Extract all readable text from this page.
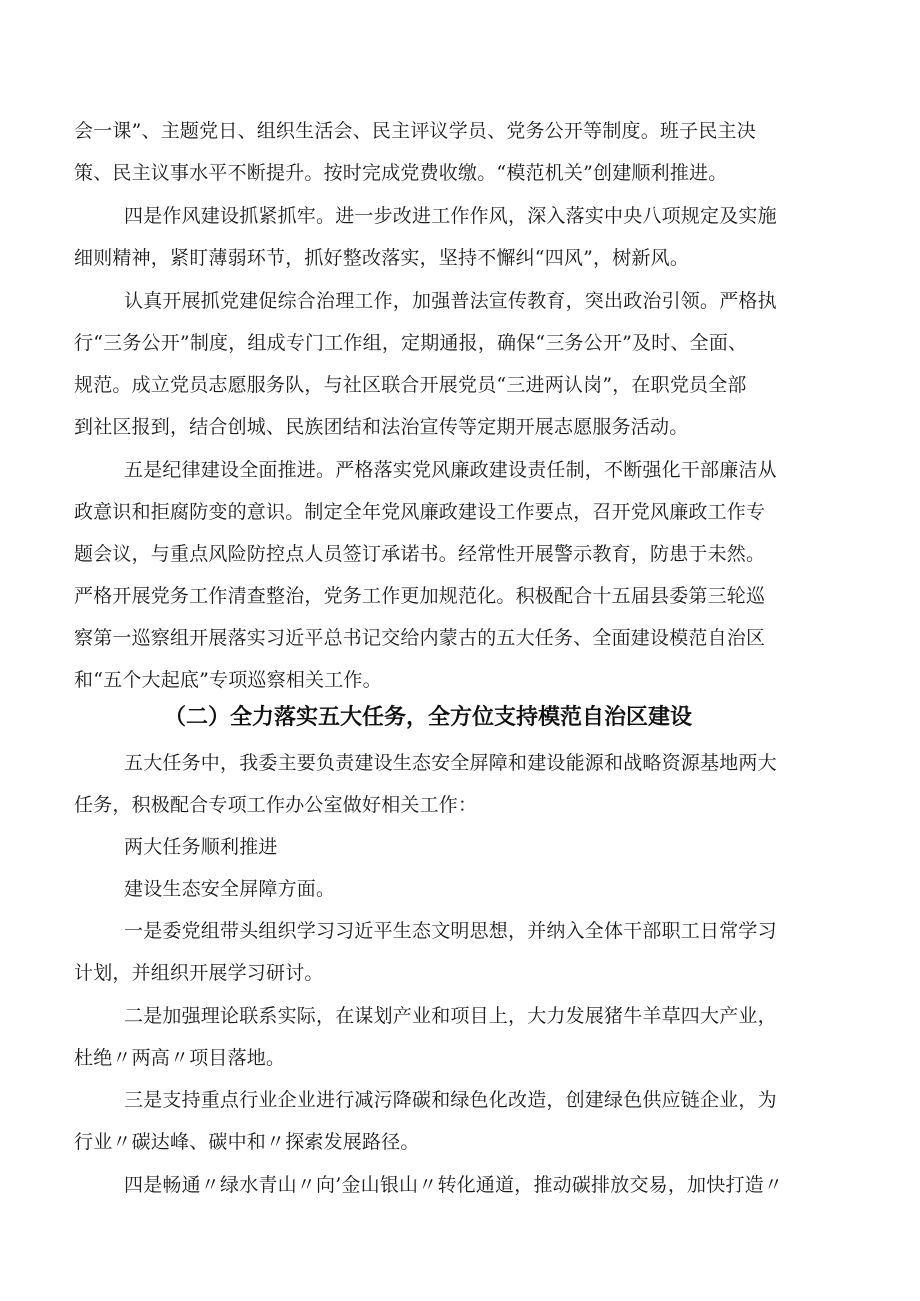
会一课”、主题党日、组织生活会、民主评议学员、党务公开等制度。班子民主决
策、民主议事水平不断提升。按时完成党费收缴。“模范机关”创建顺利推进。
四是作风建设抓紧抓牢。进一步改进工作作风，深入落实中央八项规定及实施
细则精神，紧盯薄弱环节，抓好整改落实，坚持不懈纠“四风”，树新风。
认真开展抓党建促综合治理工作，加强普法宣传教育，突出政治引领。严格执
行“三务公开”制度，组成专门工作组，定期通报，确保“三务公开”及时、全面、
规范。成立党员志愿服务队，与社区联合开展党员“三进两认岗”，在职党员全部
到社区报到，结合创城、民族团结和法治宣传等定期开展志愿服务活动。
五是纪律建设全面推进。严格落实党风廉政建设责任制，不断强化干部廉洁从
政意识和拒腐防变的意识。制定全年党风廉政建设工作要点，召开党风廉政工作专
题会议，与重点风险防控点人员签订承诺书。经常性开展警示教育，防患于未然。
严格开展党务工作清查整治，党务工作更加规范化。积极配合十五届县委第三轮巡
察第一巡察组开展落实习近平总书记交给内蒙古的五大任务、全面建设模范自治区
和“五个大起底”专项巡察相关工作。
（二）全力落实五大任务，全方位支持模范自治区建设
五大任务中，我委主要负责建设生态安全屏障和建设能源和战略资源基地两大
任务，积极配合专项工作办公室做好相关工作：
两大任务顺利推进
建设生态安全屏障方面。
一是委党组带头组织学习习近平生态文明思想，并纳入全体干部职工日常学习
计划，并组织开展学习研讨。
二是加强理论联系实际，在谋划产业和项目上，大力发展猪牛羊草四大产业，
杜绝〃两高〃项目落地。
三是支持重点行业企业进行减污降碳和绿色化改造，创建绿色供应链企业，为
行业〃碳达峰、碳中和〃探索发展路径。
四是畅通〃绿水青山〃向’金山银山〃转化通道，推动碳排放交易，加快打造〃
